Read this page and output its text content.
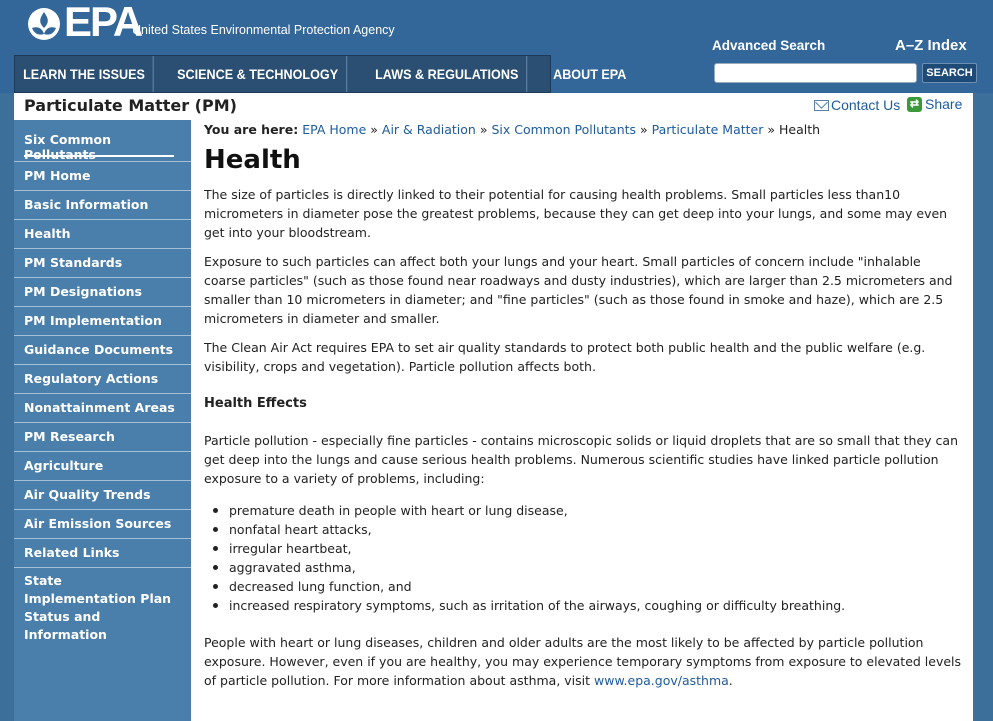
EPA
United States Environmental Protection Agency
LEARN THE ISSUES	SCIENCE & TECHNOLOGY	LAWS & REGULATIONS	ABOUT EPA
Advanced Search	A–Z Index
SEARCH
Particulate Matter (PM)	Contact Us ⇄ Share
Six Common
PM Home
Basic Information
Health
PM Standards
PM Designations
PM Implementation
Guidance Documents
Regulatory Actions
Nonattainment Areas
PM Research
Agriculture
Air Quality Trends
Air Emission Sources
Related Links
State Implementation Plan Status and Information
You are here: EPA Home » Air & Radiation » Six Common Pollutants » Particulate Matter » Health
Health

The size of particles is directly linked to their potential for causing health problems. Small particles less than10 micrometers in diameter pose the greatest problems, because they can get deep into your lungs, and some may even get into your bloodstream.

Exposure to such particles can affect both your lungs and your heart. Small particles of concern include "inhalable coarse particles" (such as those found near roadways and dusty industries), which are larger than 2.5 micrometers and smaller than 10 micrometers in diameter; and "fine particles" (such as those found in smoke and haze), which are 2.5 micrometers in diameter and smaller.

The Clean Air Act requires EPA to set air quality standards to protect both public health and the public welfare (e.g. visibility, crops and vegetation). Particle pollution affects both.

Health Effects

Particle pollution - especially fine particles - contains microscopic solids or liquid droplets that are so small that they can get deep into the lungs and cause serious health problems. Numerous scientific studies have linked particle pollution exposure to a variety of problems, including:

premature death in people with heart or lung disease,
nonfatal heart attacks,
irregular heartbeat,
aggravated asthma,
decreased lung function, and
increased respiratory symptoms, such as irritation of the airways, coughing or difficulty breathing.

People with heart or lung diseases, children and older adults are the most likely to be affected by particle pollution exposure. However, even if you are healthy, you may experience temporary symptoms from exposure to elevated levels of particle pollution. For more information about asthma, visit www.epa.gov/asthma.
